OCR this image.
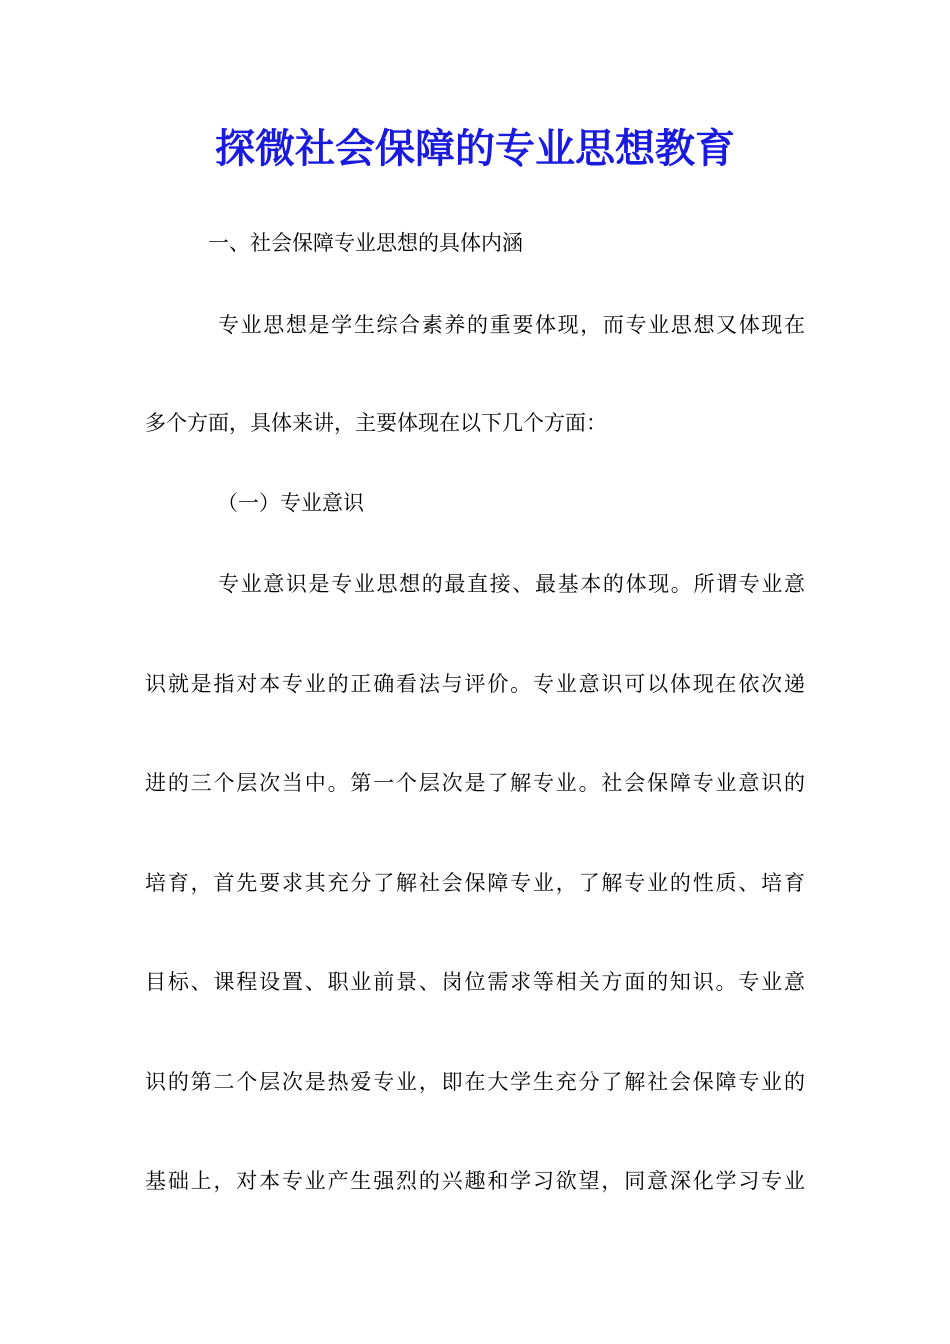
探微社会保障的专业思想教育
一、社会保障专业思想的具体内涵
专业思想是学生综合素养的重要体现，而专业思想又体现在
多个方面，具体来讲，主要体现在以下几个方面：
（一）专业意识
专业意识是专业思想的最直接、最基本的体现。所谓专业意
识就是指对本专业的正确看法与评价。专业意识可以体现在依次递
进的三个层次当中。第一个层次是了解专业。社会保障专业意识的
培育，首先要求其充分了解社会保障专业，了解专业的性质、培育
目标、课程设置、职业前景、岗位需求等相关方面的知识。专业意
识的第二个层次是热爱专业，即在大学生充分了解社会保障专业的
基础上，对本专业产生强烈的兴趣和学习欲望，同意深化学习专业
